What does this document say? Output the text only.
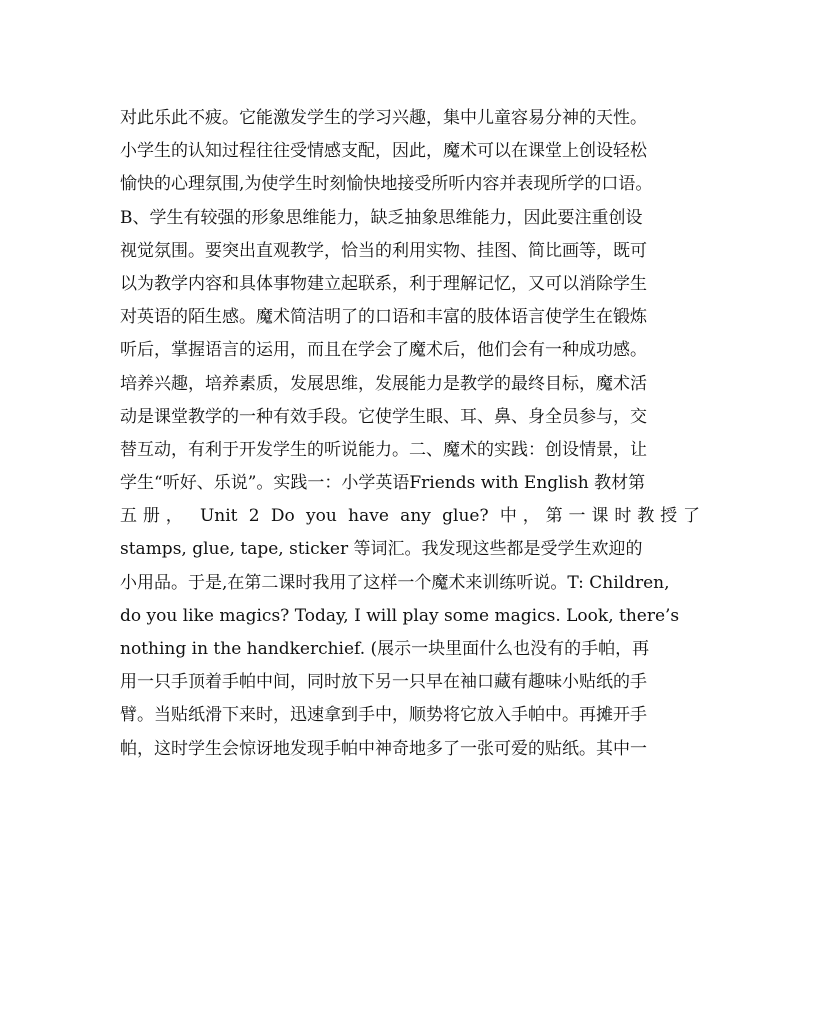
对此乐此不疲。它能激发学生的学习兴趣，集中儿童容易分神的天性。
小学生的认知过程往往受情感支配，因此，魔术可以在课堂上创设轻松
愉快的心理氛围,为使学生时刻愉快地接受所听内容并表现所学的口语。
B、学生有较强的形象思维能力，缺乏抽象思维能力，因此要注重创设
视觉氛围。要突出直观教学，恰当的利用实物、挂图、简比画等，既可
以为教学内容和具体事物建立起联系，利于理解记忆，又可以消除学生
对英语的陌生感。魔术简洁明了的口语和丰富的肢体语言使学生在锻炼
听后，掌握语言的运用，而且在学会了魔术后，他们会有一种成功感。
培养兴趣，培养素质，发展思维，发展能力是教学的最终目标，魔术活
动是课堂教学的一种有效手段。它使学生眼、耳、鼻、身全员参与，交
替互动，有利于开发学生的听说能力。二、魔术的实践：创设情景，让
学生“听好、乐说”。实践一：小学英语Friends with English 教材第
五册， Unit 2 Do you have any glue? 中，第一课时教授了
stamps, glue, tape, sticker 等词汇。我发现这些都是受学生欢迎的
小用品。于是,在第二课时我用了这样一个魔术来训练听说。T: Children,
do you like magics? Today, I will play some magics. Look, there’s
nothing in the handkerchief. (展示一块里面什么也没有的手帕，再
用一只手顶着手帕中间，同时放下另一只早在袖口藏有趣味小贴纸的手
臂。当贴纸滑下来时，迅速拿到手中，顺势将它放入手帕中。再摊开手
帕，这时学生会惊讶地发现手帕中神奇地多了一张可爱的贴纸。其中一
